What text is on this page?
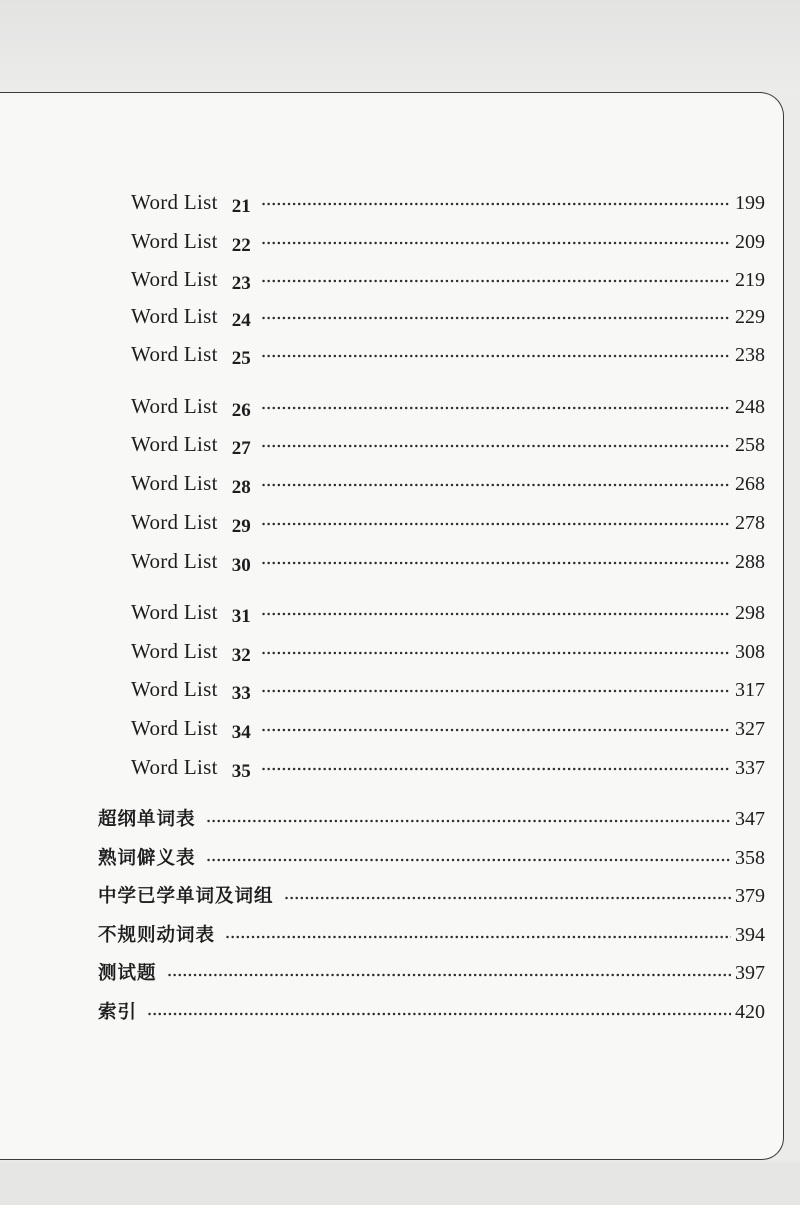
Word List 21	199
Word List 22	209
Word List 23	219
Word List 24	229
Word List 25	238
Word List 26	248
Word List 27	258
Word List 28	268
Word List 29	278
Word List 30	288
Word List 31	298
Word List 32	308
Word List 33	317
Word List 34	327
Word List 35	337
超纲单词表	347
熟词僻义表	358
中学已学单词及词组	379
不规则动词表	394
测试题	397
索引	420
